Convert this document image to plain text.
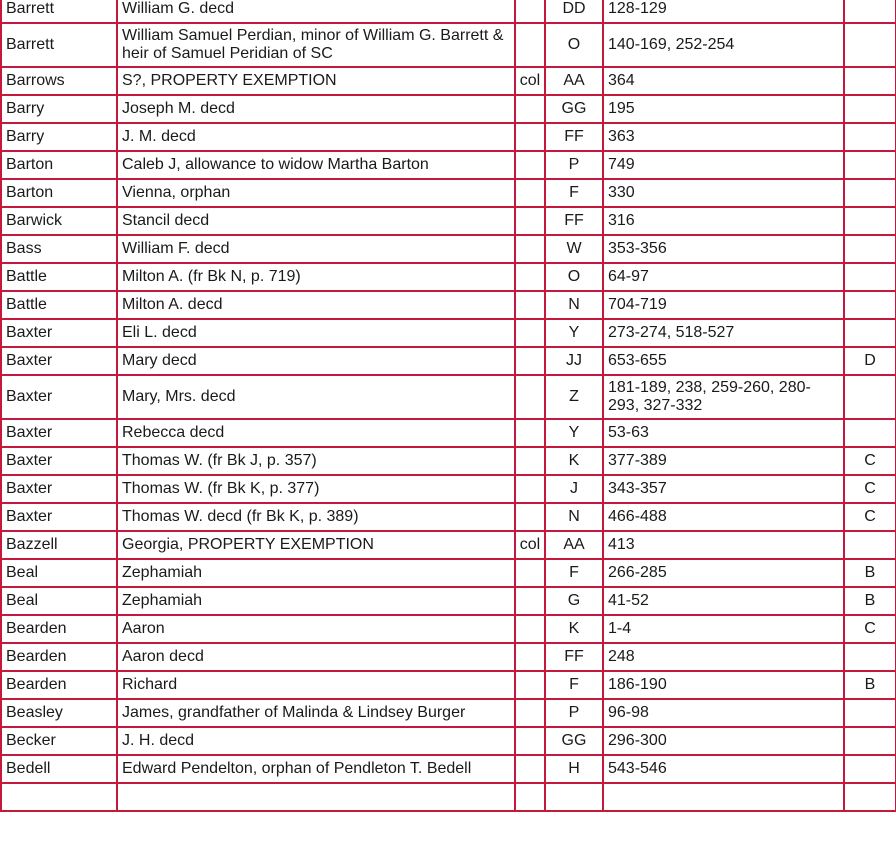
Barrett	William G. decd		DD	128-129	
Barrett	William Samuel Perdian, minor of William G. Barrett & heir of Samuel Peridian of SC		O	140-169, 252-254	
Barrows	S?, PROPERTY EXEMPTION	col	AA	364	
Barry	Joseph M. decd		GG	195	
Barry	J. M. decd		FF	363	
Barton	Caleb J, allowance to widow Martha Barton		P	749	
Barton	Vienna, orphan		F	330	
Barwick	Stancil decd		FF	316	
Bass	William F. decd		W	353-356	
Battle	Milton A. (fr Bk N, p. 719)		O	64-97	
Battle	Milton A. decd		N	704-719	
Baxter	Eli L. decd		Y	273-274, 518-527	
Baxter	Mary decd		JJ	653-655	D
Baxter	Mary, Mrs. decd		Z	181-189, 238, 259-260, 280-293, 327-332	
Baxter	Rebecca decd		Y	53-63	
Baxter	Thomas W. (fr Bk J, p. 357)		K	377-389	C
Baxter	Thomas W. (fr Bk K, p. 377)		J	343-357	C
Baxter	Thomas W. decd (fr Bk K, p. 389)		N	466-488	C
Bazzell	Georgia, PROPERTY EXEMPTION	col	AA	413	
Beal	Zephamiah		F	266-285	B
Beal	Zephamiah		G	41-52	B
Bearden	Aaron		K	1-4	C
Bearden	Aaron decd		FF	248	
Bearden	Richard		F	186-190	B
Beasley	James, grandfather of Malinda & Lindsey Burger		P	96-98	
Becker	J. H. decd		GG	296-300	
Bedell	Edward Pendelton, orphan of Pendleton T. Bedell		H	543-546	
